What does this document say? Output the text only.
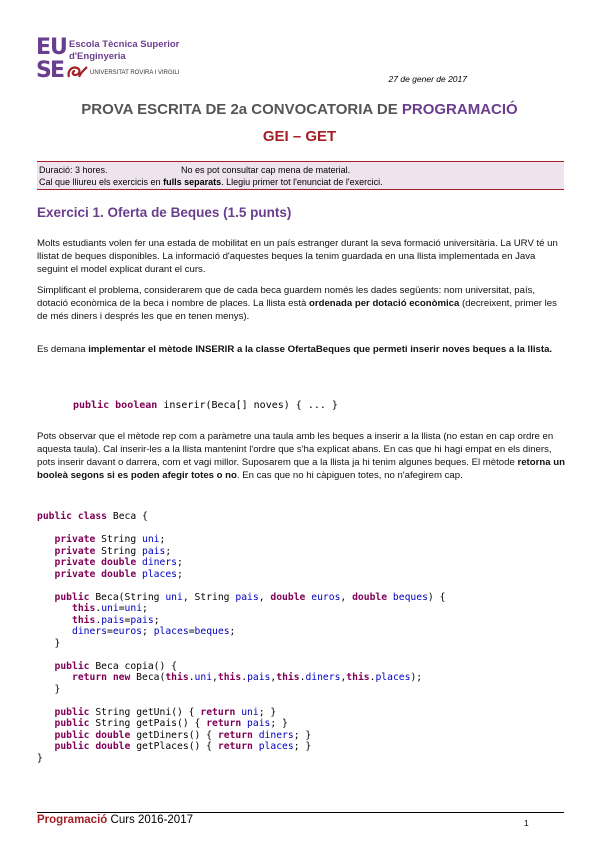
E U
S E
Escola Tècnica Superior
d'Enginyeria
UNIVERSITAT ROVIRA I VIRGILI
27 de gener de 2017
PROVA ESCRITA DE 2a CONVOCATORIA DE PROGRAMACIÓ
GEI – GET
Duració: 3 hores.	No es pot consultar cap mena de material.
Cal que lliureu els exercicis en fulls separats. Llegiu primer tot l'enunciat de l'exercici.
Exercici 1. Oferta de Beques (1.5 punts)
Molts estudiants volen fer una estada de mobilitat en un país estranger durant la seva formació universitària. La URV té un llistat de beques disponibles. La informació d'aquestes beques la tenim guardada en una llista implementada en Java seguint el model explicat durant el curs.
Simplificant el problema, considerarem que de cada beca guardem només les dades següents: nom universitat, país, dotació econòmica de la beca i nombre de places. La llista està ordenada per dotació econòmica (decreixent, primer les de més diners i després les que en tenen menys).
Es demana implementar el mètode INSERIR a la classe OfertaBeques que permeti inserir noves beques a la llista.
public boolean inserir(Beca[] noves) { ... }
Pots observar que el mètode rep com a paràmetre una taula amb les beques a inserir a la llista (no estan en cap ordre en aquesta taula). Cal inserir-les a la llista mantenint l'ordre que s'ha explicat abans. En cas que hi hagi empat en els diners, pots inserir davant o darrera, com et vagi millor. Suposarem que a la llista ja hi tenim algunes beques. El mètode retorna un booleà segons si es poden afegir totes o no. En cas que no hi càpiguen totes, no n'afegirem cap.
public class Beca {

private String uni;
private String pais;
private double diners;
private double places;

public Beca(String uni, String pais, double euros, double beques) {
this.uni=uni;
this.pais=pais;
diners=euros; places=beques;
}

public Beca copia() {
return new Beca(this.uni,this.pais,this.diners,this.places);
}

public String getUni() { return uni; }
public String getPais() { return pais; }
public double getDiners() { return diners; }
public double getPlaces() { return places; }
}
Programació Curs 2016-2017	1
